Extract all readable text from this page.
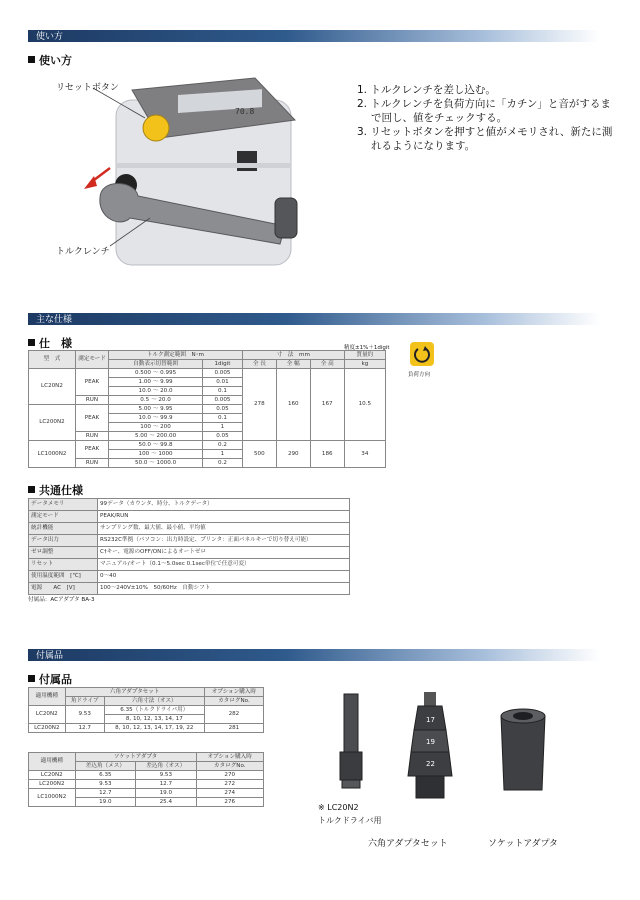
使い方
使い方
70.8
リセットボタン
トルクレンチ
1. トルクレンチを差し込む。
2. トルクレンチを負荷方向に「カチン」と音がするまで回し、値をチェックする。
3. リセットボタンを押すと値がメモリされ、新たに測れるようになります。
主な仕様
仕　様	精度±1%＋1digit
型　式	測定モード	トルク測定範囲　N･m		寸　法　mm			質量約
		自動表示切替範囲	1digit	全 長	全 幅	全 高	kg
LC20N2	PEAK	0.500 〜 0.995	0.005	278	160	167	10.5
		1.00 〜 9.99	0.01				
		10.0 〜 20.0	0.1				
	RUN	0.5 〜 20.0	0.005				
LC200N2	PEAK	5.00 〜 9.95	0.05				
		10.0 〜 99.9	0.1				
		100 〜 200	1				
	RUN	5.00 〜 200.00	0.05				
LC1000N2	PEAK	50.0 〜 99.8	0.2	500	290	186	34
		100 〜 1000	1				
	RUN	50.0 〜 1000.0	0.2				
負荷方向
共通仕様
データメモリ	99データ（カウンタ、時分、トルクデータ）
測定モード	PEAK/RUN
統計機能	サンプリング数、最大値、最小値、平均値
データ出力	RS232C準拠（パソコン：出力時設定、プリンタ：正面パネルキーで切り替え可能）
ゼロ調整	C†キー、電源のOFF/ONによるオートゼロ
リセット	マニュアル/オート（0.1〜5.0sec 0.1sec単位で任意可変）
使用温度範囲　[℃]	0〜40
電源　　AC　[V]	100〜240V±10%　50/60Hz　自動シフト
付属品：ACアダプタ BA-3
付属品
付属品
適用機種	六角アダプタセット		オプション購入時
	角ドライブ	六角寸法（オス）	カタログNo.
LC20N2	9.53	6.35（トルクドライバ用）	282
		8, 10, 12, 13, 14, 17	
LC200N2	12.7	8, 10, 12, 13, 14, 17, 19, 22	281
適用機種	ソケットアダプタ		オプション購入時
	差込角（メス）	差込角（オス）	カタログNo.
LC20N2	6.35	9.53	270
LC200N2	9.53	12.7	272
LC1000N2	12.7	19.0	274
	19.0	25.4	276
17
19
22
※ LC20N2
トルクドライバ用
六角アダプタセット	ソケットアダプタ
